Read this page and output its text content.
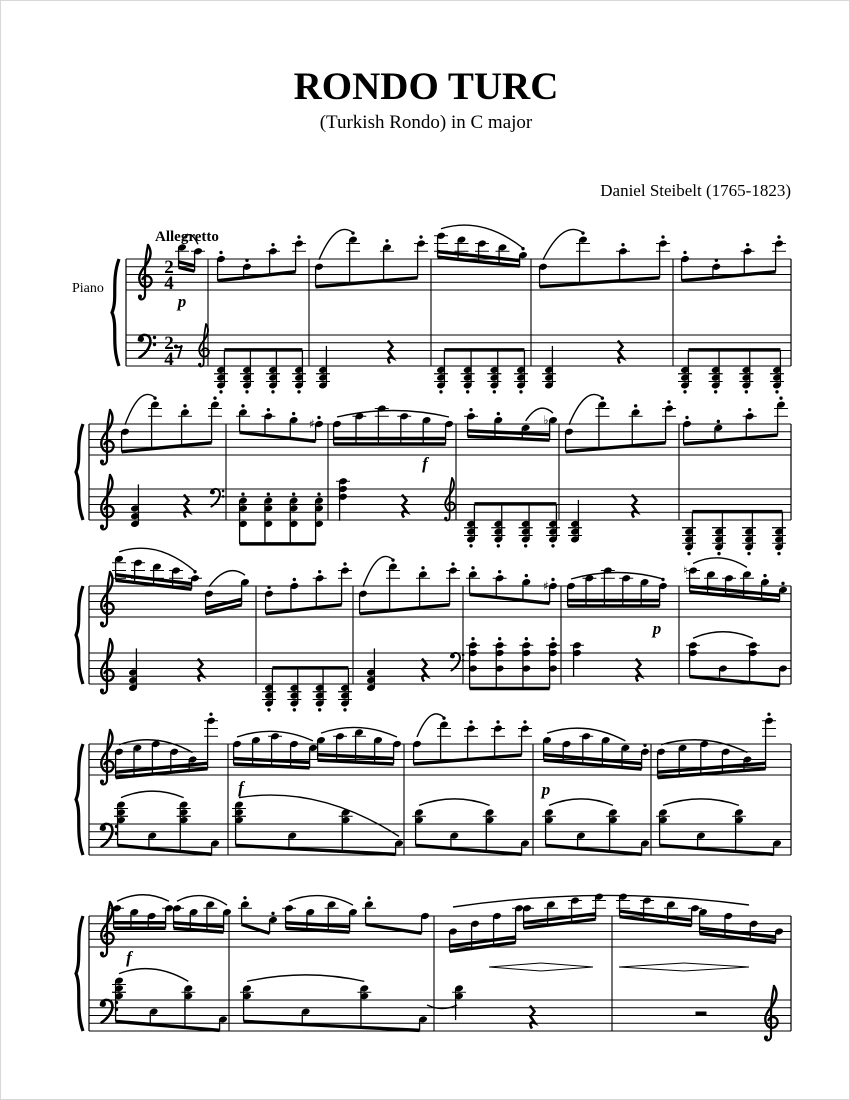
RONDO TURC
(Turkish Rondo) in C major
Daniel Steibelt (1765-1823)
Allegretto
Piano
2
4
2
4
p
♯	♭
f
♯
♮
p
f	p
f
